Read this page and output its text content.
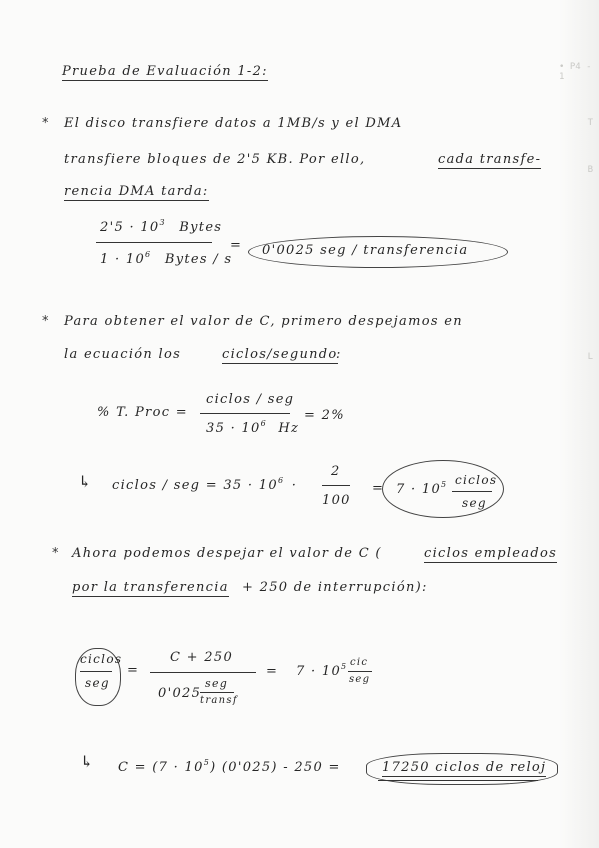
• P4 - 1
T
B
L
Prueba de Evaluación 1-2:
* El disco transfiere datos a 1MB/s y el DMA
transfiere bloques de 2'5 KB. Por ello,	cada transfe-
rencia DMA tarda:
$2'5 \cdot 10^3$ Bytes
$1 \cdot 10^6$ Bytes / s
= 0'0025 seg / transferencia
* Para obtener el valor de C, primero despejamos en
la ecuación los	ciclos/segundo
:
% T. Proc =
ciclos / seg
$35 \cdot 10^6$ Hz
= 2%
↳ ciclos / seg = $35 \cdot 10^6$ ·
2
100
= $7 \cdot 10^5$ ciclos
seg
* Ahora podemos despejar el valor de C (	ciclos empleados
por la transferencia + 250 de interrupción):
ciclos
seg
=
C + 250
0'025
seg
transf
= $7 \cdot 10^5$ cic
seg
↳ $C = (7 \cdot 10^5)$ (0'025) - 250 =	17250 ciclos de reloj
